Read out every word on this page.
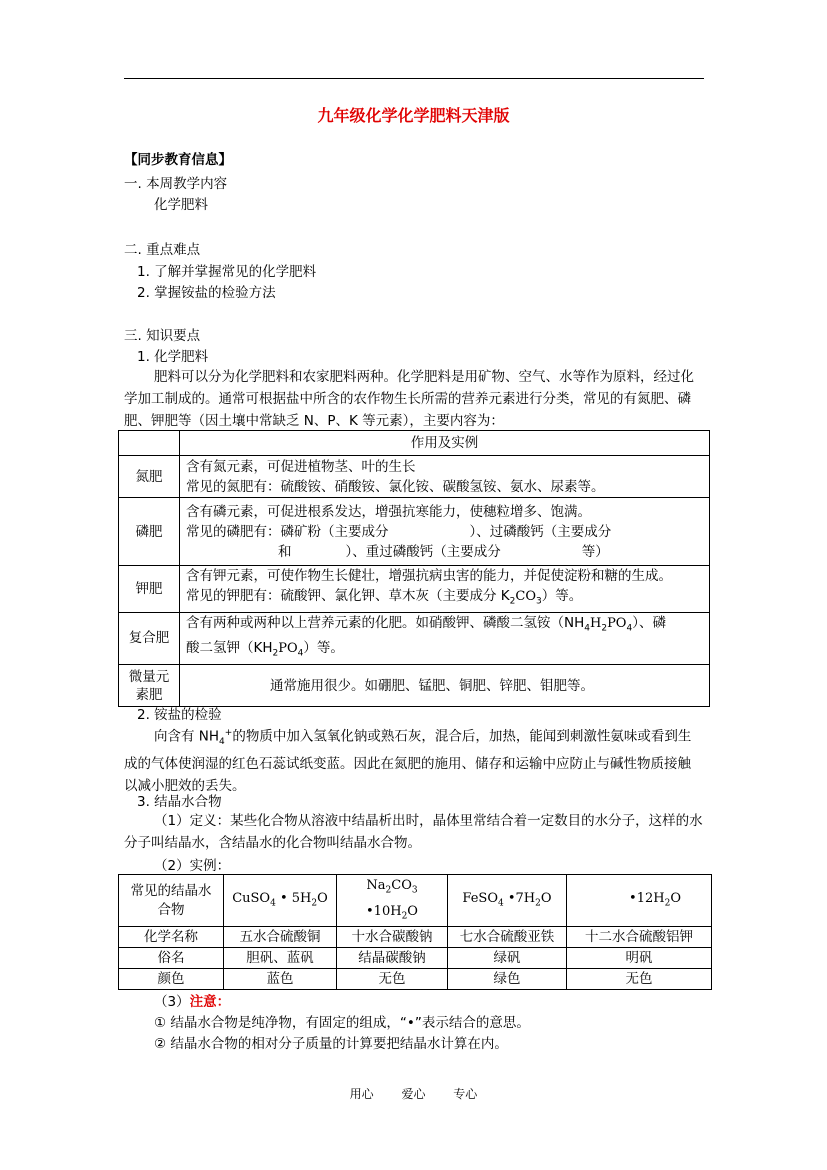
九年级化学化学肥料天津版
【同步教育信息】
一. 本周教学内容
化学肥料
二. 重点难点
1. 了解并掌握常见的化学肥料
2. 掌握铵盐的检验方法
三. 知识要点
1. 化学肥料
肥料可以分为化学肥料和农家肥料两种。化学肥料是用矿物、空气、水等作为原料，经过化学加工制成的。通常可根据盐中所含的农作物生长所需的营养元素进行分类，常见的有氮肥、磷肥、钾肥等（因土壤中常缺乏 N、P、K 等元素），主要内容为：
	作用及实例
氮肥	含有氮元素，可促进植物茎、叶的生长
常见的氮肥有：硫酸铵、硝酸铵、氯化铵、碳酸氢铵、氨水、尿素等。

磷肥	含有磷元素，可促进根系发达，增强抗寒能力，使穗粒增多、饱满。
常见的磷肥有：磷矿粉（主要成分　　　　　　）、过磷酸钙（主要成分
和　　　　）、重过磷酸钙（主要成分　　　　　　等）

钾肥	含有钾元素，可使作物生长健壮，增强抗病虫害的能力，并促使淀粉和糖的生成。
常见的钾肥有：硫酸钾、氯化钾、草木灰（主要成分 $K_2CO_3$）等。

复合肥	含有两种或两种以上营养元素的化肥。如硝酸钾、磷酸二氢铵$(NH_4H_2PO_4)$、磷
酸二氢钾$(KH_2PO_4)$等。

微量元素肥	通常施用很少。如硼肥、锰肥、铜肥、锌肥、钼肥等。
2. 铵盐的检验
向含有 $NH_4^+$的物质中加入氢氧化钠或熟石灰，混合后，加热，能闻到刺激性氨味或看到生成的气体使润湿的红色石蕊试纸变蓝。因此在氮肥的施用、储存和运输中应防止与碱性物质接触以减小肥效的丢失。
3. 结晶水合物
（1）定义：某些化合物从溶液中结晶析出时，晶体里常结合着一定数目的水分子，这样的水分子叫结晶水，含结晶水的化合物叫结晶水合物。
（2）实例：
常见的结晶水合物	CuSO$_4$ • $5H_2O$	$Na_2CO_3$ $•10H_2O$	FeSO$_4$ $•7H_2O$	$•12H_2O$
化学名称	五水合硫酸铜	十水合碳酸钠	七水合硫酸亚铁	十二水合硫酸铝钾
俗名	胆矾、蓝矾	结晶碳酸钠	绿矾	明矾
颜色	蓝色	无色	绿色	无色
（3）注意：
① 结晶水合物是纯净物，有固定的组成，“•”表示结合的意思。
② 结晶水合物的相对分子质量的计算要把结晶水计算在内。
用心 爱心 专心
